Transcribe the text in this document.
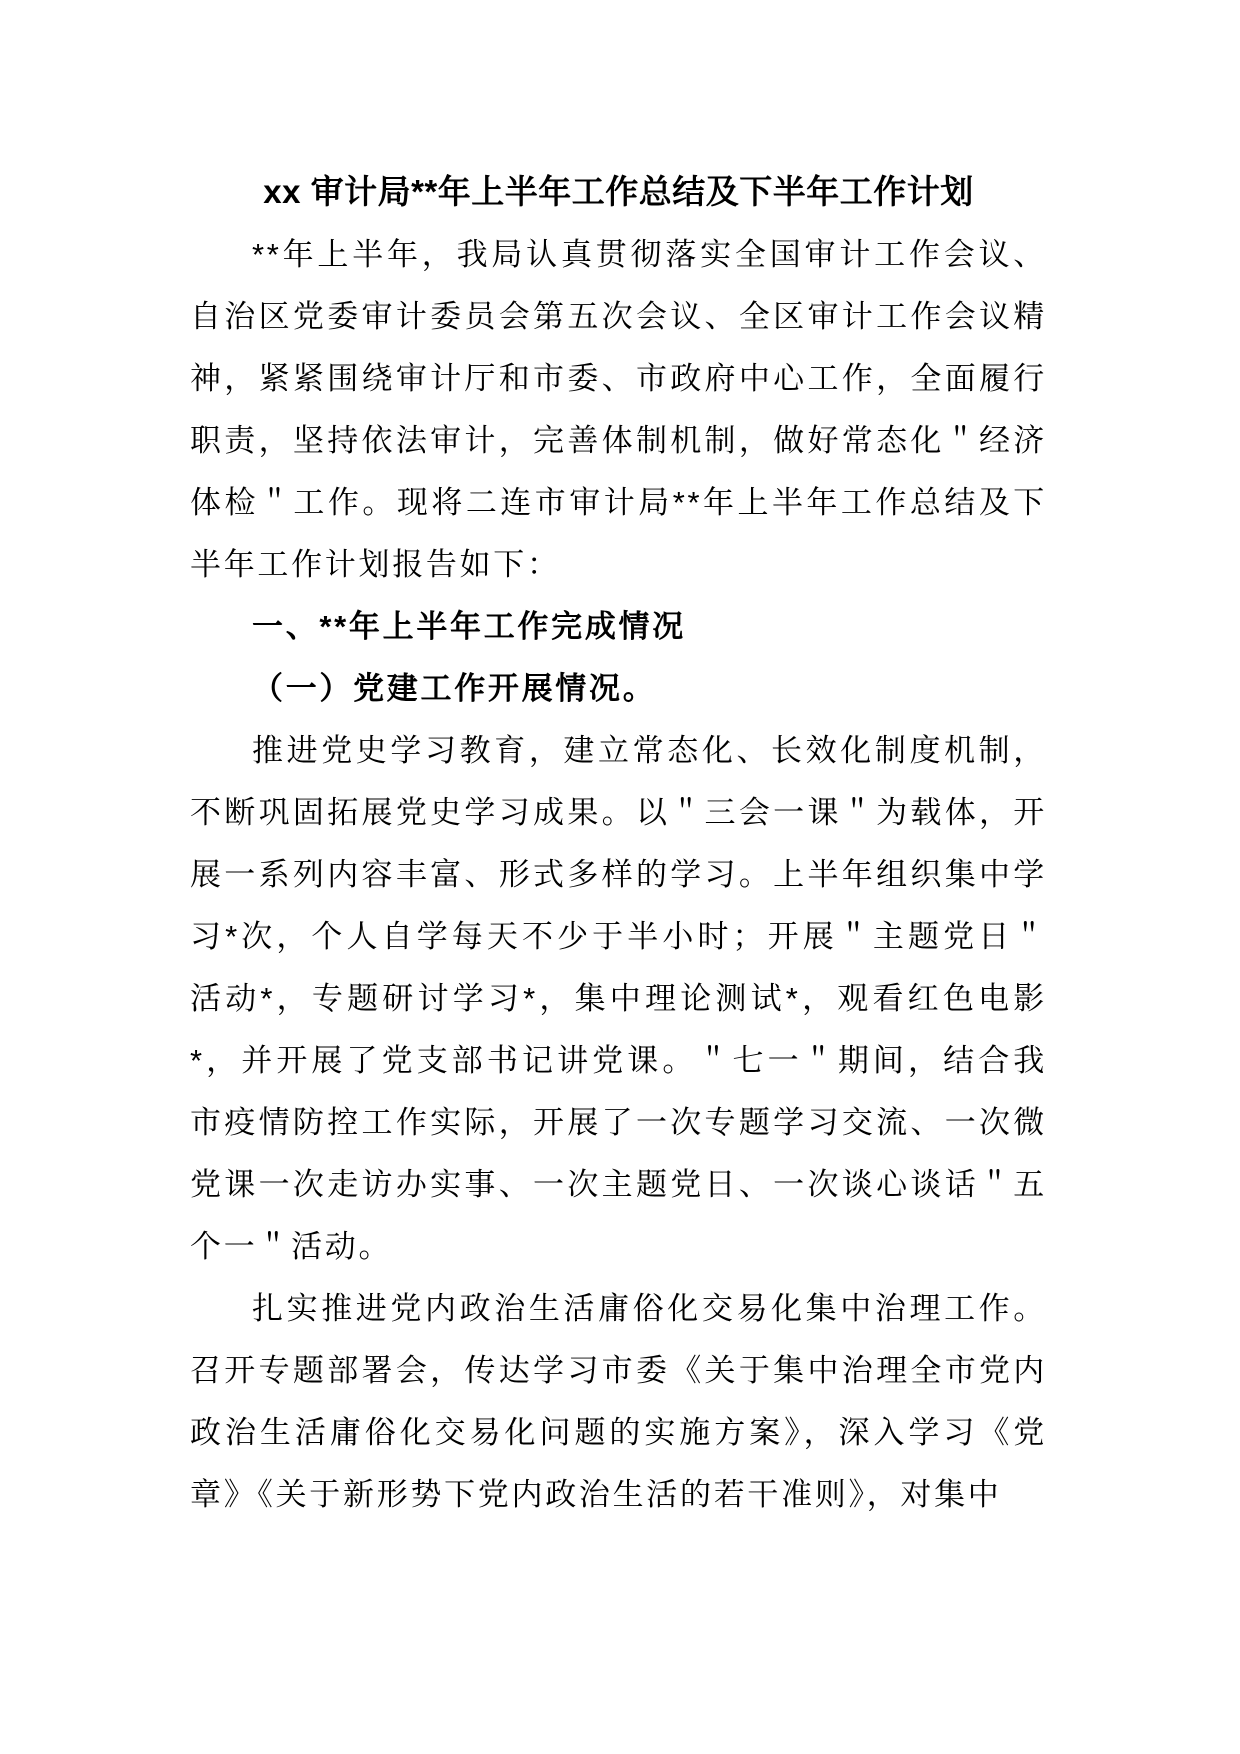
xx 审计局**年上半年工作总结及下半年工作计划

**年上半年，我局认真贯彻落实全国审计工作会议、自治区党委审计委员会第五次会议、全区审计工作会议精神，紧紧围绕审计厅和市委、市政府中心工作，全面履行职责，坚持依法审计，完善体制机制，做好常态化＂经济体检＂工作。现将二连市审计局**年上半年工作总结及下半年工作计划报告如下：

一、**年上半年工作完成情况
（一）党建工作开展情况。

推进党史学习教育，建立常态化、长效化制度机制，不断巩固拓展党史学习成果。以＂三会一课＂为载体，开展一系列内容丰富、形式多样的学习。上半年组织集中学习*次，个人自学每天不少于半小时；开展＂主题党日＂活动*，专题研讨学习*，集中理论测试*，观看红色电影*，并开展了党支部书记讲党课。＂七一＂期间，结合我市疫情防控工作实际，开展了一次专题学习交流、一次微党课一次走访办实事、一次主题党日、一次谈心谈话＂五个一＂活动。

扎实推进党内政治生活庸俗化交易化集中治理工作。召开专题部署会，传达学习市委《关于集中治理全市党内政治生活庸俗化交易化问题的实施方案》，深入学习《党章》《关于新形势下党内政治生活的若干准则》，对集中
